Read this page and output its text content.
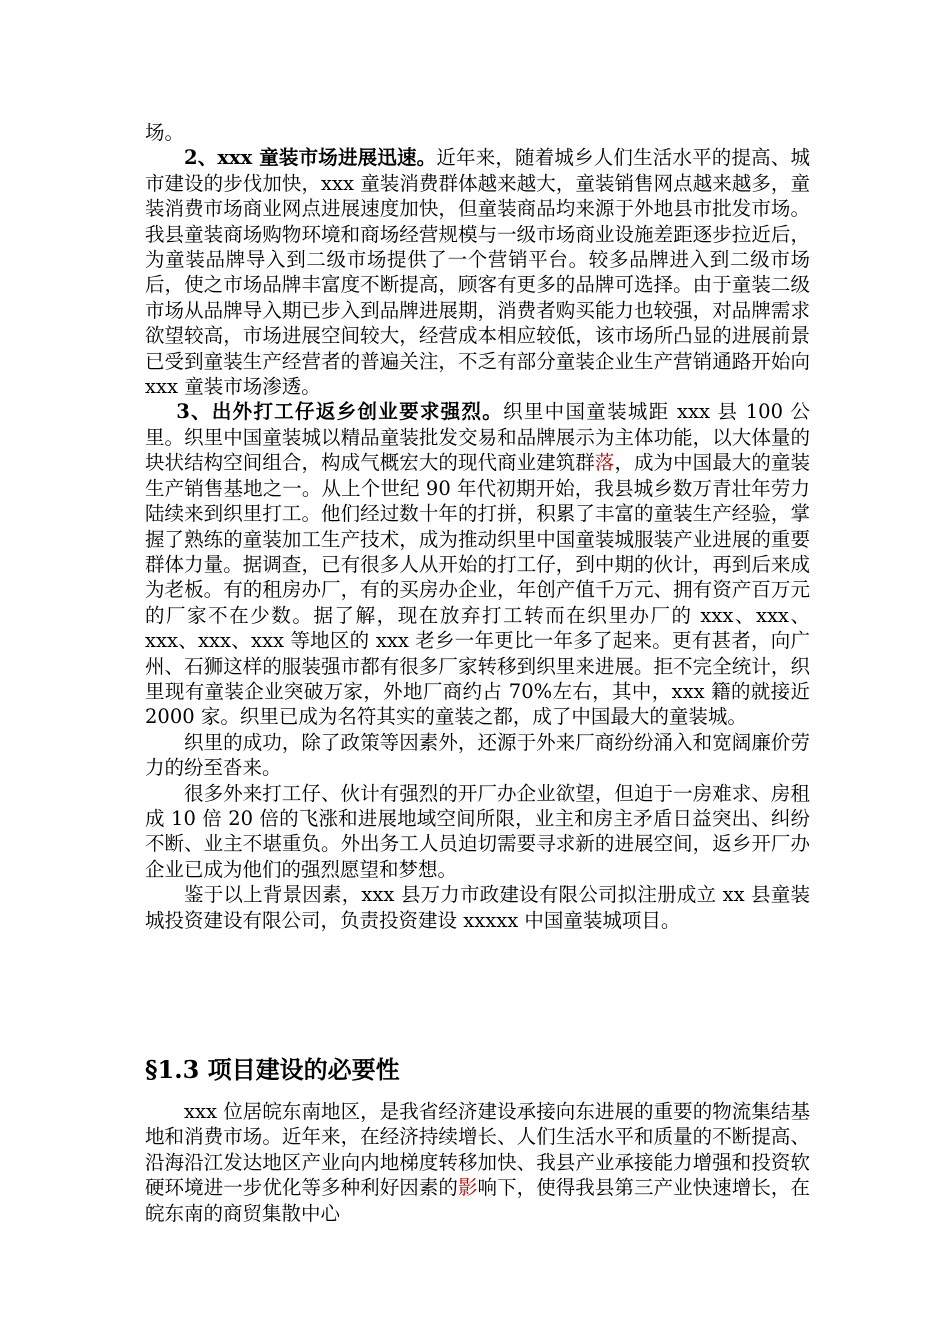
场。

2、xxx 童装市场进展迅速。近年来，随着城乡人们生活水平的提高、城市建设的步伐加快，xxx 童装消费群体越来越大，童装销售网点越来越多，童装消费市场商业网点进展速度加快，但童装商品均来源于外地县市批发市场。我县童装商场购物环境和商场经营规模与一级市场商业设施差距逐步拉近后，为童装品牌导入到二级市场提供了一个营销平台。较多品牌进入到二级市场后，使之市场品牌丰富度不断提高，顾客有更多的品牌可选择。由于童装二级市场从品牌导入期已步入到品牌进展期，消费者购买能力也较强，对品牌需求欲望较高，市场进展空间较大，经营成本相应较低，该市场所凸显的进展前景已受到童装生产经营者的普遍关注，不乏有部分童装企业生产营销通路开始向 xxx 童装市场渗透。

3、出外打工仔返乡创业要求强烈。织里中国童装城距 xxx 县 100 公里。织里中国童装城以精品童装批发交易和品牌展示为主体功能，以大体量的块状结构空间组合，构成气概宏大的现代商业建筑群落，成为中国最大的童装生产销售基地之一。从上个世纪 90 年代初期开始，我县城乡数万青壮年劳力陆续来到织里打工。他们经过数十年的打拼，积累了丰富的童装生产经验，掌握了熟练的童装加工生产技术，成为推动织里中国童装城服装产业进展的重要群体力量。据调查，已有很多人从开始的打工仔，到中期的伙计，再到后来成为老板。有的租房办厂，有的买房办企业，年创产值千万元、拥有资产百万元的厂家不在少数。据了解，现在放弃打工转而在织里办厂的 xxx、xxx、xxx、xxx、xxx 等地区的 xxx 老乡一年更比一年多了起来。更有甚者，向广州、石狮这样的服装强市都有很多厂家转移到织里来进展。拒不完全统计，织里现有童装企业突破万家，外地厂商约占 70%左右，其中，xxx 籍的就接近 2000 家。织里已成为名符其实的童装之都，成了中国最大的童装城。

织里的成功，除了政策等因素外，还源于外来厂商纷纷涌入和宽阔廉价劳力的纷至沓来。

很多外来打工仔、伙计有强烈的开厂办企业欲望，但迫于一房难求、房租成 10 倍 20 倍的飞涨和进展地域空间所限，业主和房主矛盾日益突出、纠纷不断、业主不堪重负。外出务工人员迫切需要寻求新的进展空间，返乡开厂办企业已成为他们的强烈愿望和梦想。

鉴于以上背景因素，xxx 县万力市政建设有限公司拟注册成立 xx 县童装城投资建设有限公司，负责投资建设 xxxxx 中国童装城项目。

§1.3 项目建设的必要性

xxx 位居皖东南地区，是我省经济建设承接向东进展的重要的物流集结基地和消费市场。近年来，在经济持续增长、人们生活水平和质量的不断提高、沿海沿江发达地区产业向内地梯度转移加快、我县产业承接能力增强和投资软硬环境进一步优化等多种利好因素的影响下，使得我县第三产业快速增长，在皖东南的商贸集散中心
